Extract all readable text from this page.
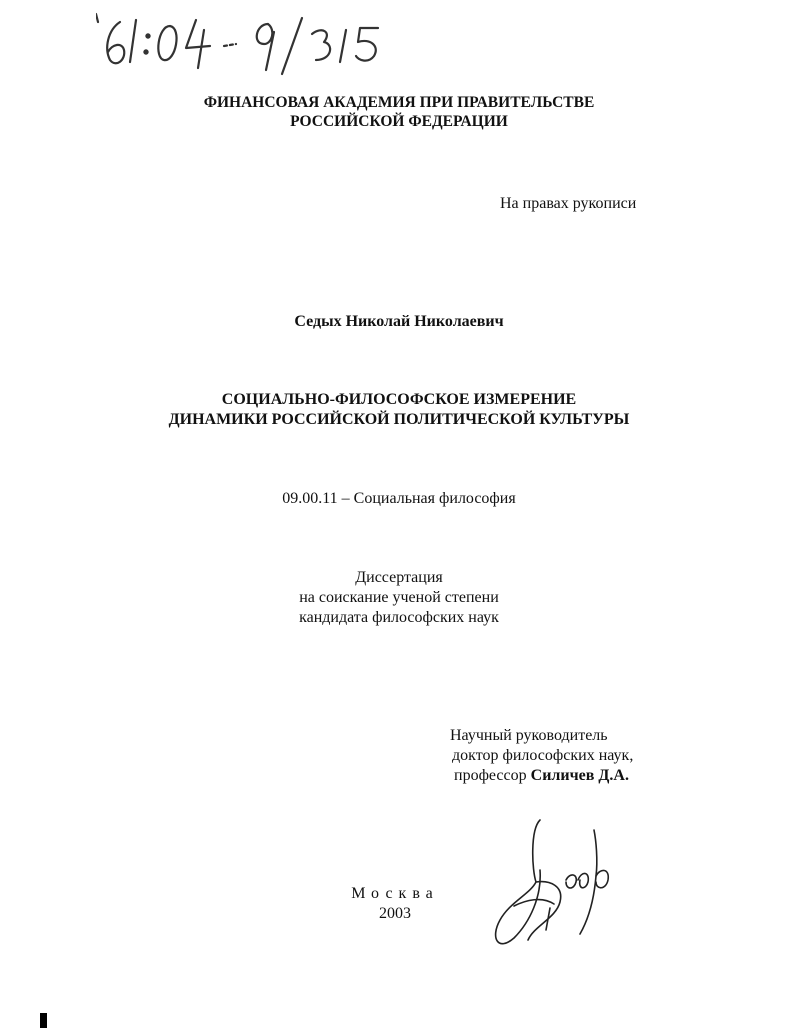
ФИНАНСОВАЯ АКАДЕМИЯ ПРИ ПРАВИТЕЛЬСТВЕ
РОССИЙСКОЙ ФЕДЕРАЦИИ
На правах рукописи
Седых Николай Николаевич
СОЦИАЛЬНО-ФИЛОСОФСКОЕ ИЗМЕРЕНИЕ
ДИНАМИКИ РОССИЙСКОЙ ПОЛИТИЧЕСКОЙ КУЛЬТУРЫ
09.00.11 – Социальная философия
Диссертация
на соискание ученой степени
кандидата философских наук
Научный руководитель
доктор философских наук,
профессор Силичев Д.А.
Москва
2003
